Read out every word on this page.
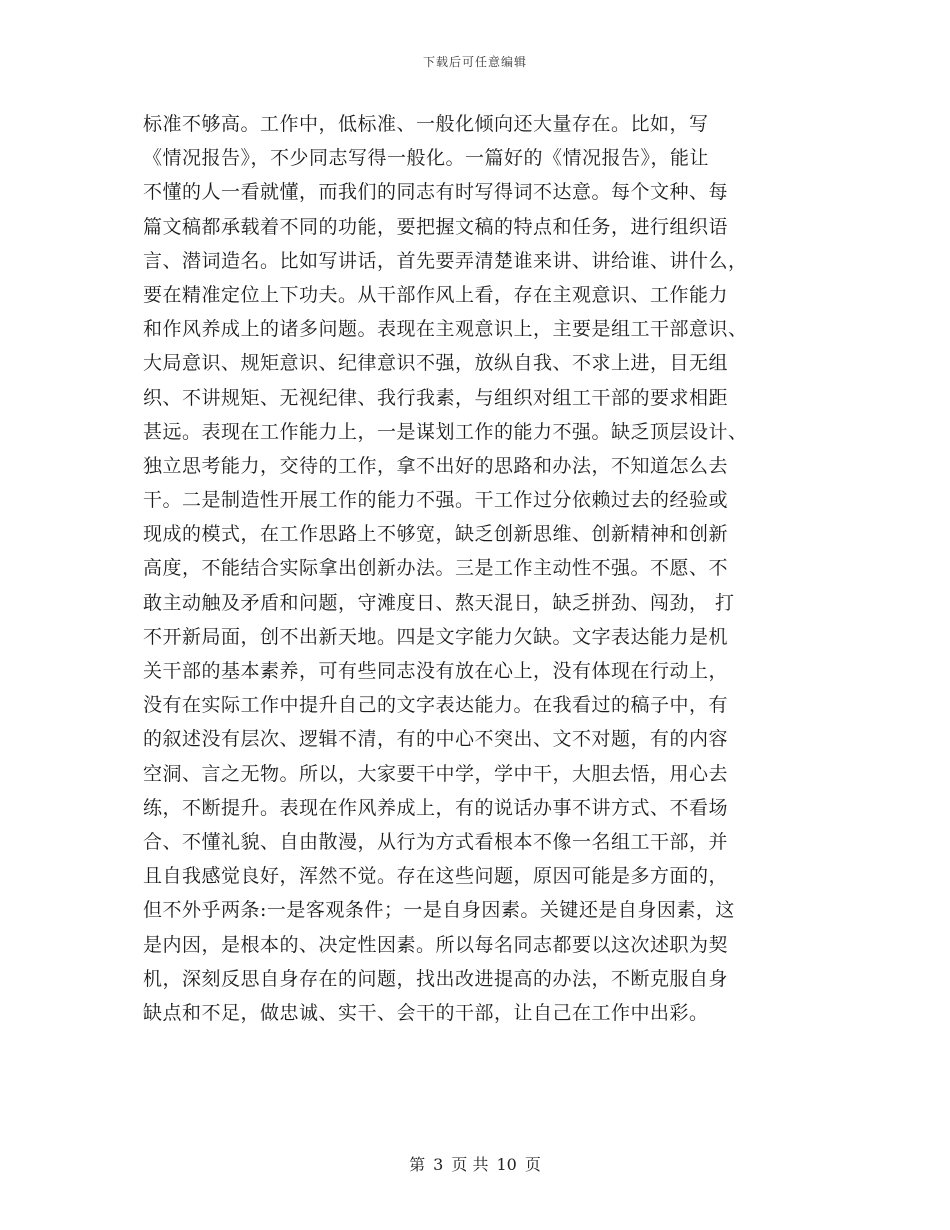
下载后可任意编辑
标准不够高。工作中，低标准、一般化倾向还大量存在。比如，写
《情况报告》，不少同志写得一般化。一篇好的《情况报告》，能让
不懂的人一看就懂，而我们的同志有时写得词不达意。每个文种、每
篇文稿都承载着不同的功能，要把握文稿的特点和任务，进行组织语
言、潜词造名。比如写讲话，首先要弄清楚谁来讲、讲给谁、讲什么，
要在精准定位上下功夫。从干部作风上看，存在主观意识、工作能力
和作风养成上的诸多问题。表现在主观意识上，主要是组工干部意识、
大局意识、规矩意识、纪律意识不强，放纵自我、不求上进，目无组
织、不讲规矩、无视纪律、我行我素，与组织对组工干部的要求相距
甚远。表现在工作能力上，一是谋划工作的能力不强。缺乏顶层设计、
独立思考能力，交待的工作，拿不出好的思路和办法，不知道怎么去
干。二是制造性开展工作的能力不强。干工作过分依赖过去的经验或
现成的模式，在工作思路上不够宽，缺乏创新思维、创新精神和创新
高度，不能结合实际拿出创新办法。三是工作主动性不强。不愿、不
敢主动触及矛盾和问题，守滩度日、熬天混日，缺乏拼劲、闯劲， 打
不开新局面，创不出新天地。四是文字能力欠缺。文字表达能力是机
关干部的基本素养，可有些同志没有放在心上，没有体现在行动上，
没有在实际工作中提升自己的文字表达能力。在我看过的稿子中，有
的叙述没有层次、逻辑不清，有的中心不突出、文不对题，有的内容
空洞、言之无物。所以，大家要干中学，学中干，大胆去悟，用心去
练，不断提升。表现在作风养成上，有的说话办事不讲方式、不看场
合、不懂礼貌、自由散漫，从行为方式看根本不像一名组工干部，并
且自我感觉良好，浑然不觉。存在这些问题，原因可能是多方面的，
但不外乎两条:一是客观条件；一是自身因素。关键还是自身因素，这
是内因，是根本的、决定性因素。所以每名同志都要以这次述职为契
机，深刻反思自身存在的问题，找出改进提高的办法，不断克服自身
缺点和不足，做忠诚、实干、会干的干部，让自己在工作中出彩。
第 3 页 共 10 页
